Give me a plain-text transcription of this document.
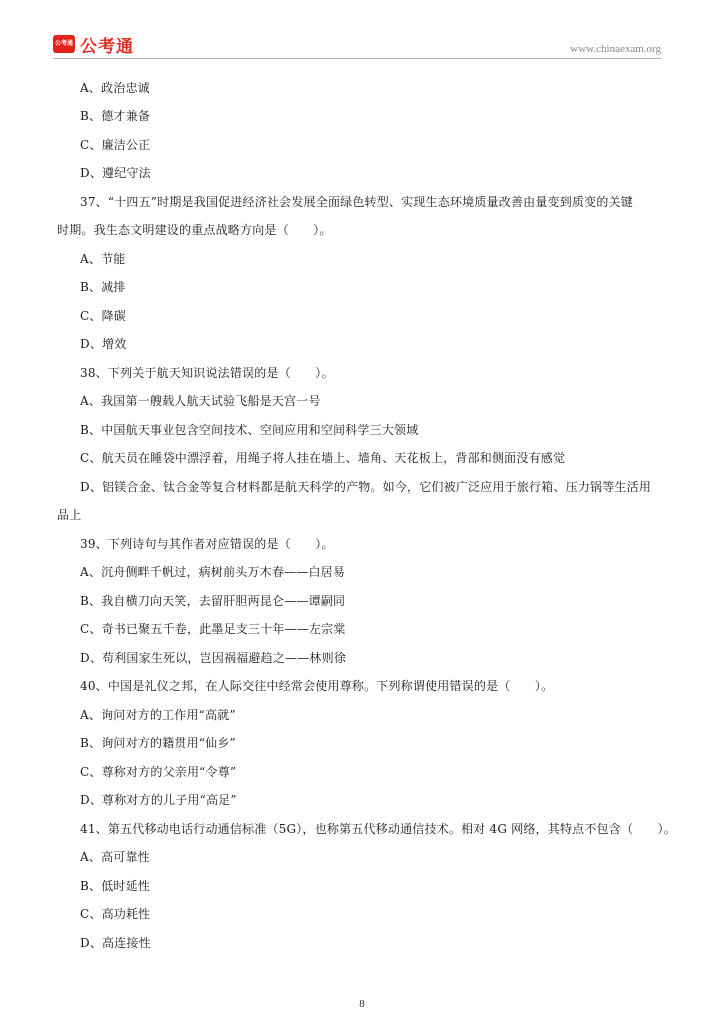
公考通 公考通	www.chinaexam.org
A、政治忠诚
B、德才兼备
C、廉洁公正
D、遵纪守法
37、“十四五”时期是我国促进经济社会发展全面绿色转型、实现生态环境质量改善由量变到质变的关键
时期。我生态文明建设的重点战略方向是（　　）。
A、节能
B、减排
C、降碳
D、增效
38、下列关于航天知识说法错误的是（　　）。
A、我国第一艘载人航天试验飞船是天宫一号
B、中国航天事业包含空间技术、空间应用和空间科学三大领域
C、航天员在睡袋中漂浮着，用绳子将人挂在墙上、墙角、天花板上，背部和侧面没有感觉
D、铝镁合金、钛合金等复合材料都是航天科学的产物。如今，它们被广泛应用于旅行箱、压力锅等生活用
品上
39、下列诗句与其作者对应错误的是（　　）。
A、沉舟侧畔千帆过，病树前头万木春——白居易
B、我自横刀向天笑，去留肝胆两昆仑——谭嗣同
C、奇书已聚五千卷，此墨足支三十年——左宗棠
D、苟利国家生死以，岂因祸福避趋之——林则徐
40、中国是礼仪之邦，在人际交往中经常会使用尊称。下列称谓使用错误的是（　　）。
A、询问对方的工作用“高就”
B、询问对方的籍贯用“仙乡”
C、尊称对方的父亲用“令尊”
D、尊称对方的儿子用“高足”
41、第五代移动电话行动通信标准（5G），也称第五代移动通信技术。相对 4G 网络，其特点不包含（　　）。
A、高可靠性
B、低时延性
C、高功耗性
D、高连接性
8
